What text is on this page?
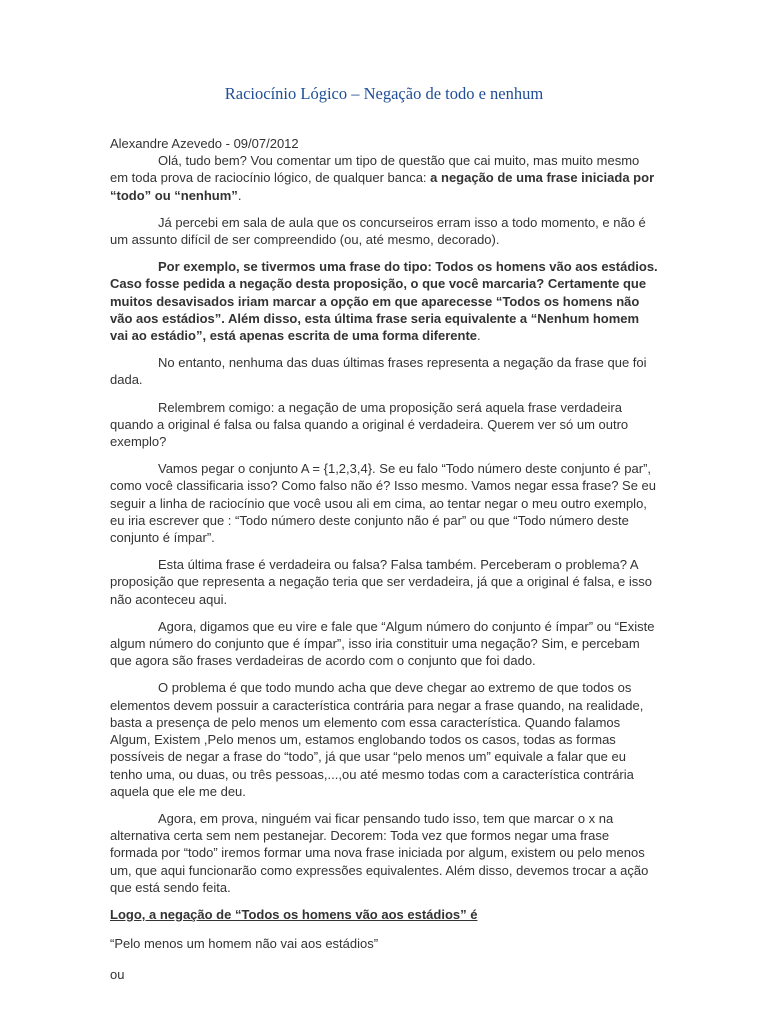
Raciocínio Lógico – Negação de todo e nenhum

Alexandre Azevedo - 09/07/2012

Olá, tudo bem? Vou comentar um tipo de questão que cai muito, mas muito mesmo em toda prova de raciocínio lógico, de qualquer banca: a negação de uma frase iniciada por “todo” ou “nenhum”.

Já percebi em sala de aula que os concurseiros erram isso a todo momento, e não é um assunto difícil de ser compreendido (ou, até mesmo, decorado).

Por exemplo, se tivermos uma frase do tipo: Todos os homens vão aos estádios. Caso fosse pedida a negação desta proposição, o que você marcaria? Certamente que muitos desavisados iriam marcar a opção em que aparecesse “Todos os homens não vão aos estádios”. Além disso, esta última frase seria equivalente a “Nenhum homem vai ao estádio”, está apenas escrita de uma forma diferente.

No entanto, nenhuma das duas últimas frases representa a negação da frase que foi dada.

Relembrem comigo: a negação de uma proposição será aquela frase verdadeira quando a original é falsa ou falsa quando a original é verdadeira. Querem ver só um outro exemplo?

Vamos pegar o conjunto A = {1,2,3,4}. Se eu falo “Todo número deste conjunto é par”, como você classificaria isso? Como falso não é? Isso mesmo. Vamos negar essa frase? Se eu seguir a linha de raciocínio que você usou ali em cima, ao tentar negar o meu outro exemplo, eu iria escrever que : “Todo número deste conjunto não é par” ou que “Todo número deste conjunto é ímpar”.

Esta última frase é verdadeira ou falsa? Falsa também. Perceberam o problema? A proposição que representa a negação teria que ser verdadeira, já que a original é falsa, e isso não aconteceu aqui.

Agora, digamos que eu vire e fale que “Algum número do conjunto é ímpar” ou “Existe algum número do conjunto que é ímpar”, isso iria constituir uma negação? Sim, e percebam que agora são frases verdadeiras de acordo com o conjunto que foi dado.

O problema é que todo mundo acha que deve chegar ao extremo de que todos os elementos devem possuir a característica contrária para negar a frase quando, na realidade, basta a presença de pelo menos um elemento com essa característica. Quando falamos Algum, Existem ,Pelo menos um, estamos englobando todos os casos, todas as formas possíveis de negar a frase do “todo”, já que usar “pelo menos um” equivale a falar que eu tenho uma, ou duas, ou três pessoas,...,ou até mesmo todas com a característica contrária aquela que ele me deu.

Agora, em prova, ninguém vai ficar pensando tudo isso, tem que marcar o x na alternativa certa sem nem pestanejar. Decorem: Toda vez que formos negar uma frase formada por “todo” iremos formar uma nova frase iniciada por algum, existem ou pelo menos um, que aqui funcionarão como expressões equivalentes. Além disso, devemos trocar a ação que está sendo feita.

Logo, a negação de “Todos os homens vão aos estádios” é

“Pelo menos um homem não vai aos estádios”

ou
